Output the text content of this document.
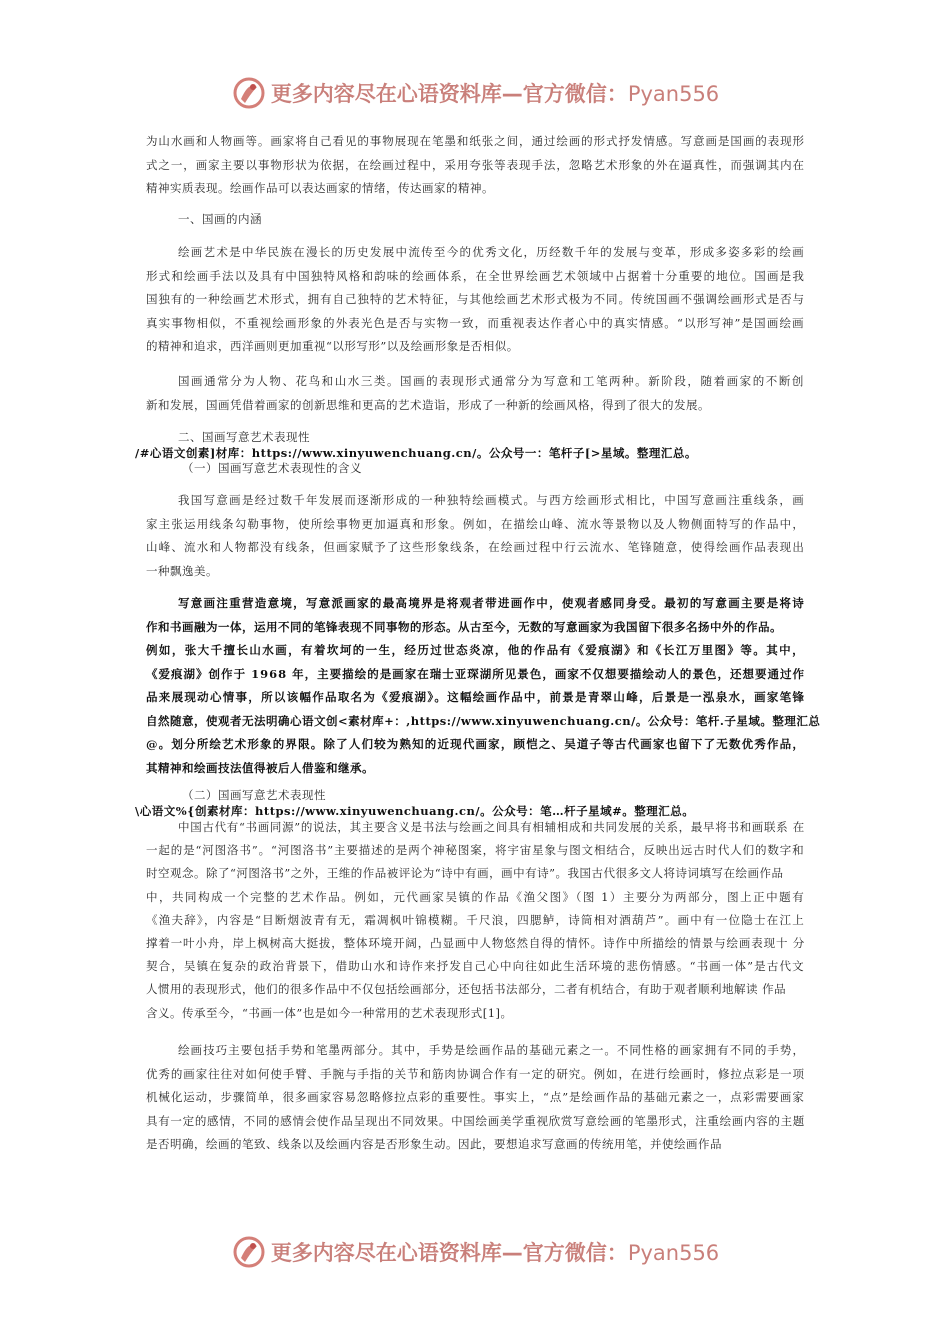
更多内容尽在心语资料库—官方微信：Pyan556
为山水画和人物画等。画家将自己看见的事物展现在笔墨和纸张之间，通过绘画的形式抒发情感。写意画是国画的表现形
式之一，画家主要以事物形状为依据，在绘画过程中，采用夸张等表现手法，忽略艺术形象的外在逼真性，而强调其内在
精神实质表现。绘画作品可以表达画家的情绪，传达画家的精神。
一、国画的内涵
绘画艺术是中华民族在漫长的历史发展中流传至今的优秀文化，历经数千年的发展与变革，形成多姿多彩的绘画
形式和绘画手法以及具有中国独特风格和韵味的绘画体系，在全世界绘画艺术领域中占据着十分重要的地位。国画是我
国独有的一种绘画艺术形式，拥有自己独特的艺术特征，与其他绘画艺术形式极为不同。传统国画不强调绘画形式是否与
真实事物相似，不重视绘画形象的外表光色是否与实物一致，而重视表达作者心中的真实情感。“以形写神”是国画绘画
的精神和追求，西洋画则更加重视“以形写形”以及绘画形象是否相似。
国画通常分为人物、花鸟和山水三类。国画的表现形式通常分为写意和工笔两种。新阶段，随着画家的不断创
新和发展，国画凭借着画家的创新思维和更高的艺术造诣，形成了一种新的绘画风格，得到了很大的发展。
二、国画写意艺术表现性
/#心语文创素]材库：https://www.xinyuwenchuang.cn/。公众号一：笔杆子[>星域。整理汇总。
（一）国画写意艺术表现性的含义
我国写意画是经过数千年发展而逐渐形成的一种独特绘画模式。与西方绘画形式相比，中国写意画注重线条，画
家主张运用线条勾勒事物，使所绘事物更加逼真和形象。例如，在描绘山峰、流水等景物以及人物侧面特写的作品中，
山峰、流水和人物都没有线条，但画家赋予了这些形象线条，在绘画过程中行云流水、笔锋随意，使得绘画作品表现出
一种飘逸美。
写意画注重营造意境，写意派画家的最高境界是将观者带进画作中，使观者感同身受。最初的写意画主要是将诗
作和书画融为一体，运用不同的笔锋表现不同事物的形态。从古至今，无数的写意画家为我国留下很多名扬中外的作品。
例如，张大千擅长山水画，有着坎坷的一生，经历过世态炎凉，他的作品有《爱痕湖》和《长江万里图》等。其中，
《爱痕湖》创作于 1968 年，主要描绘的是画家在瑞士亚琛湖所见景色，画家不仅想要描绘动人的景色，还想要通过作
品来展现动心情事，所以该幅作品取名为《爱痕湖》。这幅绘画作品中，前景是青翠山峰，后景是一泓泉水，画家笔锋
自然随意，使观者无法明确心语文创<素材库+：,https://www.xinyuwenchuang.cn/。公众号：笔杆.子星域。整理汇总
@。划分所绘艺术形象的界限。除了人们较为熟知的近现代画家，顾恺之、吴道子等古代画家也留下了无数优秀作品，
其精神和绘画技法值得被后人借鉴和继承。
（二）国画写意艺术表现性
\心语文%{创素材库：https://www.xinyuwenchuang.cn/。公众号：笔…杆子星域#。整理汇总。
中国古代有“书画同源”的说法，其主要含义是书法与绘画之间具有相辅相成和共同发展的关系，最早将书和画联系 在
一起的是“河图洛书”。“河图洛书”主要描述的是两个神秘图案，将宇宙星象与图文相结合，反映出远古时代人们的数字和
时空观念。除了“河图洛书”之外，王维的作品被评论为“诗中有画，画中有诗”。我国古代很多文人将诗词填写在绘画作品
中，共同构成一个完整的艺术作品。例如，元代画家吴镇的作品《渔父图》（图 1）主要分为两部分，图上正中题有
《渔夫辞》，内容是“目断烟波青有无，霜凋枫叶锦模糊。千尺浪，四腮鲈，诗筒相对酒葫芦”。画中有一位隐士在江上
撑着一叶小舟，岸上枫树高大挺拔，整体环境开阔，凸显画中人物悠然自得的情怀。诗作中所描绘的情景与绘画表现十 分
契合，吴镇在复杂的政治背景下，借助山水和诗作来抒发自己心中向往如此生活环境的悲伤情感。“书画一体”是古代文
人惯用的表现形式，他们的很多作品中不仅包括绘画部分，还包括书法部分，二者有机结合，有助于观者顺利地解读 作品
含义。传承至今，“书画一体”也是如今一种常用的艺术表现形式[1]。
绘画技巧主要包括手势和笔墨两部分。其中，手势是绘画作品的基础元素之一。不同性格的画家拥有不同的手势，
优秀的画家往往对如何使手臂、手腕与手指的关节和筋肉协调合作有一定的研究。例如，在进行绘画时，修拉点彩是一项
机械化运动，步骤简单，很多画家容易忽略修拉点彩的重要性。事实上，“点”是绘画作品的基础元素之一，点彩需要画家
具有一定的感情，不同的感情会使作品呈现出不同效果。中国绘画美学重视欣赏写意绘画的笔墨形式，注重绘画内容的主题
是否明确，绘画的笔致、线条以及绘画内容是否形象生动。因此，要想追求写意画的传统用笔，并使绘画作品
更多内容尽在心语资料库—官方微信：Pyan556
